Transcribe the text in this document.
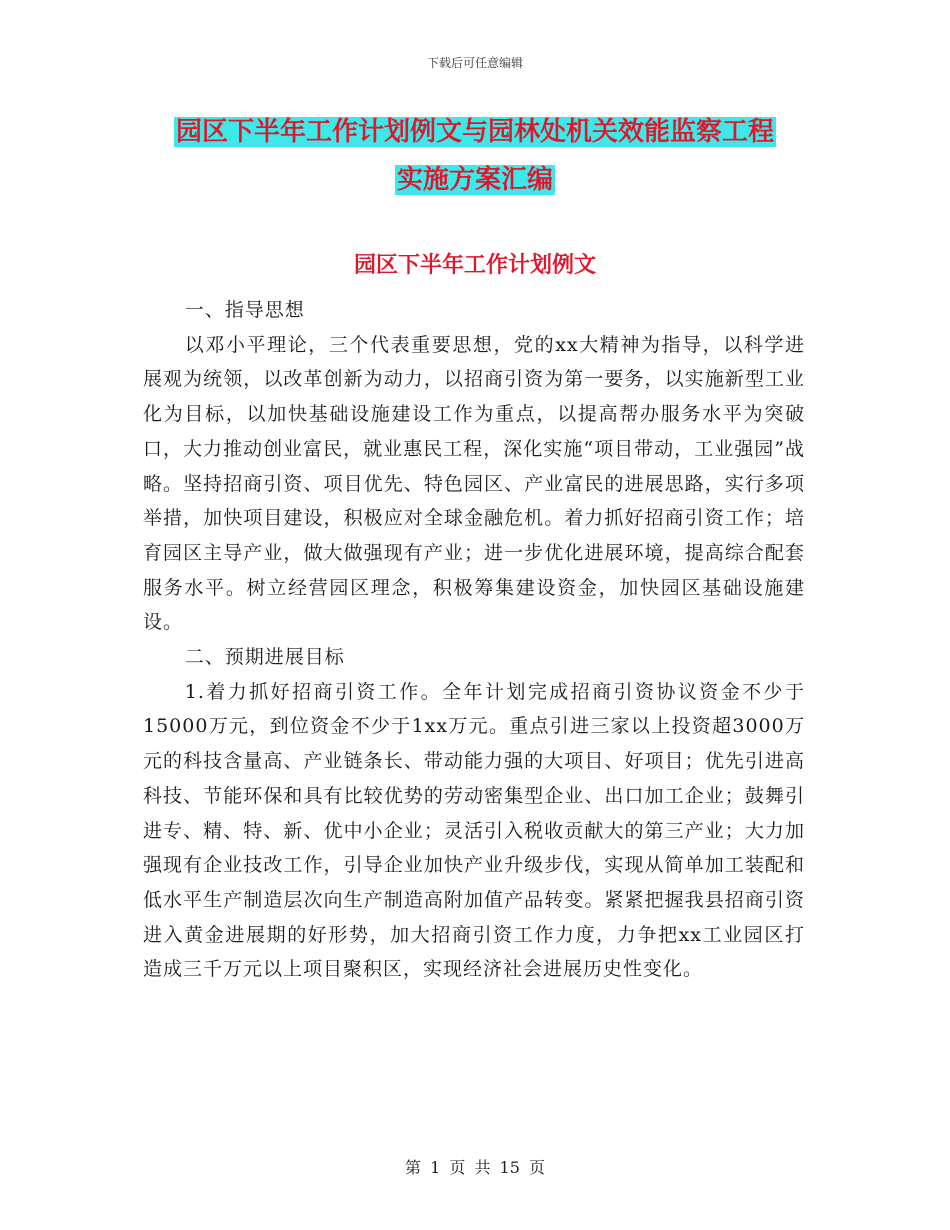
下载后可任意编辑
园区下半年工作计划例文与园林处机关效能监察工程
实施方案汇编
园区下半年工作计划例文

一、指导思想

以邓小平理论，三个代表重要思想，党的xx大精神为指导，以科学进展观为统领，以改革创新为动力，以招商引资为第一要务，以实施新型工业化为目标，以加快基础设施建设工作为重点，以提高帮办服务水平为突破口，大力推动创业富民，就业惠民工程，深化实施“项目带动，工业强园”战略。坚持招商引资、项目优先、特色园区、产业富民的进展思路，实行多项举措，加快项目建设，积极应对全球金融危机。着力抓好招商引资工作；培育园区主导产业，做大做强现有产业；进一步优化进展环境，提高综合配套服务水平。树立经营园区理念，积极筹集建设资金，加快园区基础设施建设。

二、预期进展目标

1.着力抓好招商引资工作。全年计划完成招商引资协议资金不少于15000万元，到位资金不少于1xx万元。重点引进三家以上投资超3000万元的科技含量高、产业链条长、带动能力强的大项目、好项目；优先引进高科技、节能环保和具有比较优势的劳动密集型企业、出口加工企业；鼓舞引进专、精、特、新、优中小企业；灵活引入税收贡献大的第三产业；大力加强现有企业技改工作，引导企业加快产业升级步伐，实现从简单加工装配和低水平生产制造层次向生产制造高附加值产品转变。紧紧把握我县招商引资进入黄金进展期的好形势，加大招商引资工作力度，力争把xx工业园区打造成三千万元以上项目聚积区，实现经济社会进展历史性变化。

第 1 页 共 15 页
